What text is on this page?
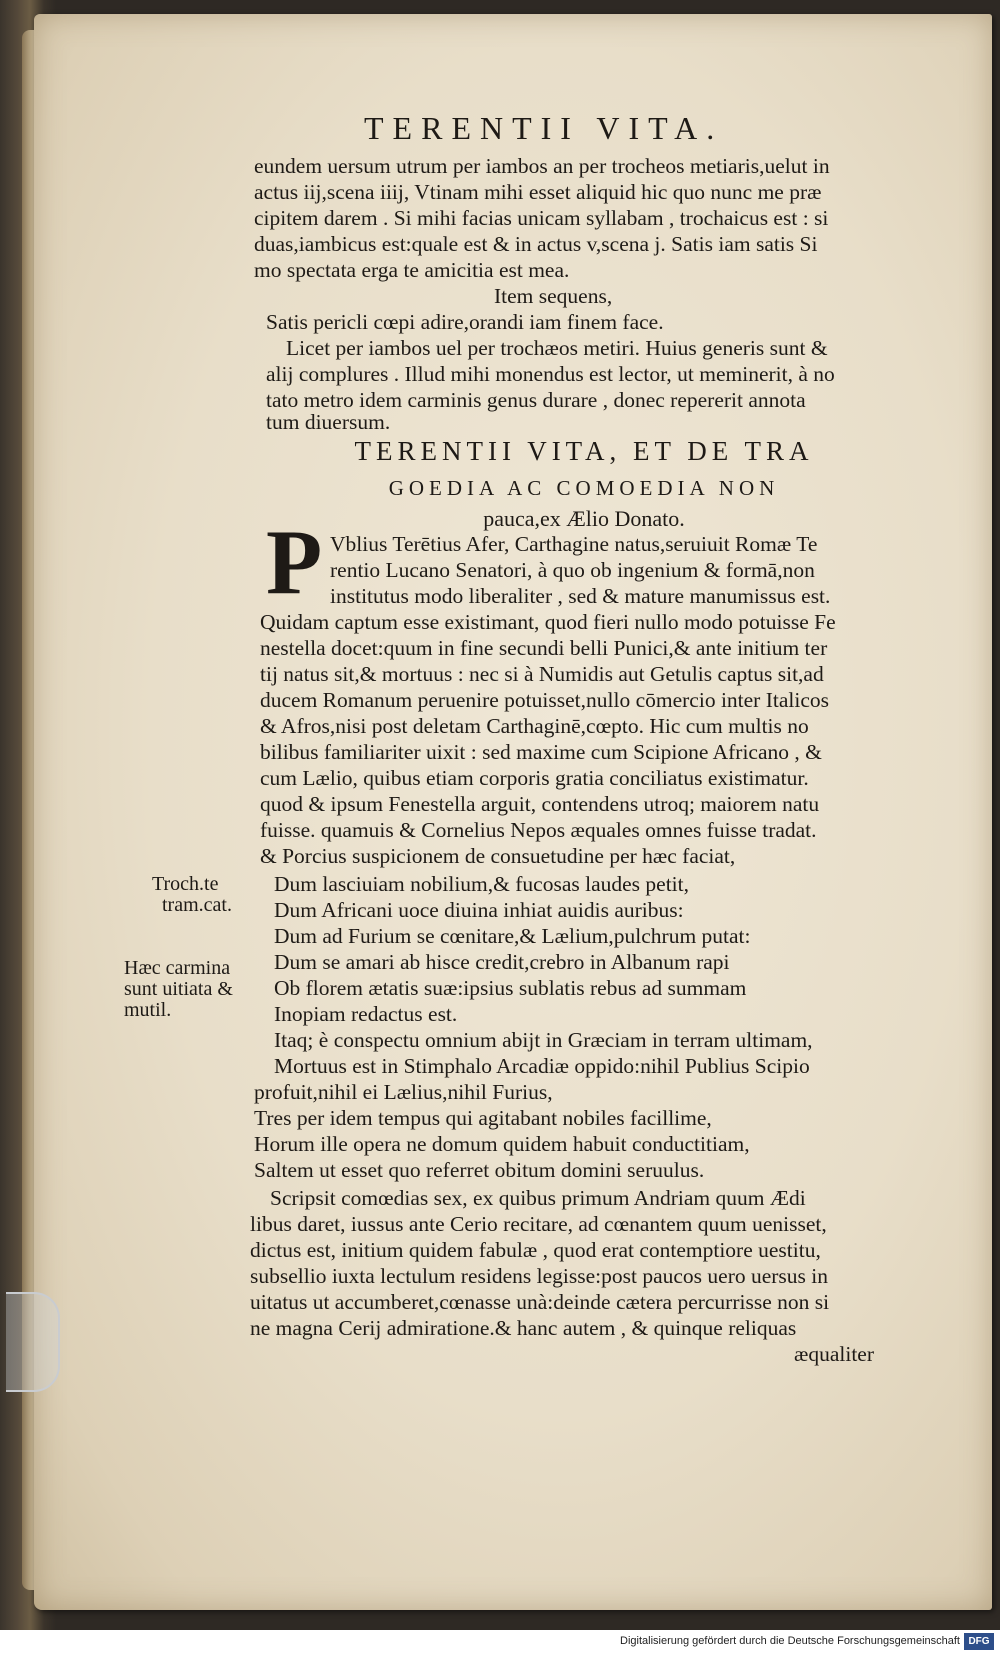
TERENTII VITA.
eundem uersum utrum per iambos an per trocheos metiaris,uelut in
actus iij,scena iiij, Vtinam mihi esset aliquid hic quo nunc me præ
cipitem darem . Si mihi facias unicam syllabam , trochaicus est : si
duas,iambicus est:quale est & in actus v,scena j. Satis iam satis Si
mo spectata erga te amicitia est mea.
Item sequens,
Satis pericli cœpi adire,orandi iam finem face.
Licet per iambos uel per trochæos metiri. Huius generis sunt &
alij complures . Illud mihi monendus est lector, ut meminerit, à no
tato metro idem carminis genus durare , donec repererit annota
tum diuersum.
TERENTII VITA, ET DE TRA
GOEDIA AC COMOEDIA NON
pauca,ex Ælio Donato.
P Vblius Terētius Afer, Carthagine natus,seruiuit Romæ Te
rentio Lucano Senatori, à quo ob ingenium & formā,non
institutus modo liberaliter , sed & mature manumissus est.
Quidam captum esse existimant, quod fieri nullo modo potuisse Fe
nestella docet:quum in fine secundi belli Punici,& ante initium ter
tij natus sit,& mortuus : nec si à Numidis aut Getulis captus sit,ad
ducem Romanum peruenire potuisset,nullo cōmercio inter Italicos
& Afros,nisi post deletam Carthaginē,cœpto. Hic cum multis no
bilibus familiariter uixit : sed maxime cum Scipione Africano , &
cum Lælio, quibus etiam corporis gratia conciliatus existimatur.
quod & ipsum Fenestella arguit, contendens utroq; maiorem natu
fuisse. quamuis & Cornelius Nepos æquales omnes fuisse tradat.
& Porcius suspicionem de consuetudine per hæc faciat,
Troch.te
tram.cat.
Hæc carmina
sunt uitiata &
mutil.
Dum lasciuiam nobilium,& fucosas laudes petit,
Dum Africani uoce diuina inhiat auidis auribus:
Dum ad Furium se cœnitare,& Lælium,pulchrum putat:
Dum se amari ab hisce credit,crebro in Albanum rapi
Ob florem ætatis suæ:ipsius sublatis rebus ad summam
Inopiam redactus est.
Itaq; è conspectu omnium abijt in Græciam in terram ultimam,
Mortuus est in Stimphalo Arcadiæ oppido:nihil Publius Scipio
profuit,nihil ei Lælius,nihil Furius,
Tres per idem tempus qui agitabant nobiles facillime,
Horum ille opera ne domum quidem habuit conductitiam,
Saltem ut esset quo referret obitum domini seruulus.
Scripsit comœdias sex, ex quibus primum Andriam quum Ædi
libus daret, iussus ante Cerio recitare, ad cœnantem quum uenisset,
dictus est, initium quidem fabulæ , quod erat contemptiore uestitu,
subsellio iuxta lectulum residens legisse:post paucos uero uersus in
uitatus ut accumberet,cœnasse unà:deinde cætera percurrisse non si
ne magna Cerij admiratione.& hanc autem , & quinque reliquas
æqualiter
Digitalisierung gefördert durch die Deutsche Forschungsgemeinschaft DFG
